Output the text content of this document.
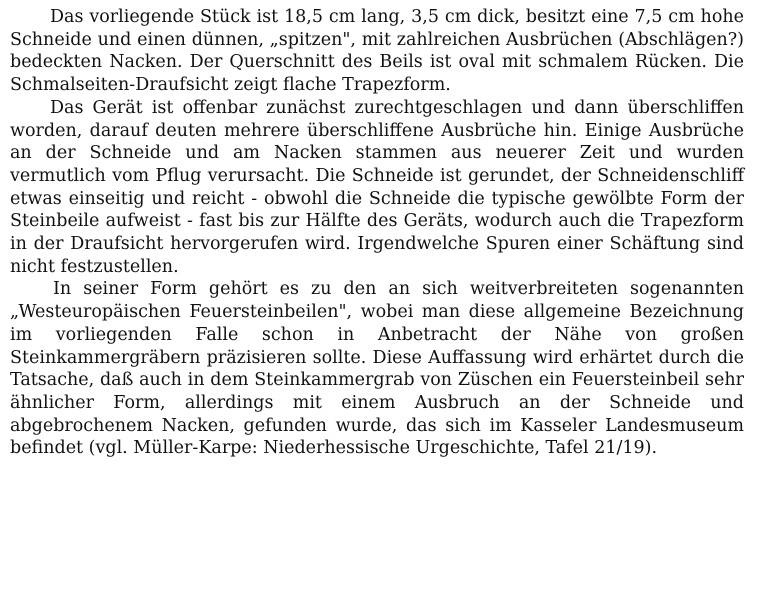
Das vorliegende Stück ist 18,5 cm lang, 3,5 cm dick, besitzt eine 7,5 cm hohe Schneide und einen dünnen, „spitzen", mit zahlreichen Ausbrüchen (Abschlägen?) bedeckten Nacken. Der Querschnitt des Beils ist oval mit schmalem Rücken. Die Schmalseiten-Draufsicht zeigt flache Trapezform.

Das Gerät ist offenbar zunächst zurechtgeschlagen und dann überschliffen worden, darauf deuten mehrere überschliffene Ausbrüche hin. Einige Ausbrüche an der Schneide und am Nacken stammen aus neuerer Zeit und wurden vermutlich vom Pflug verursacht. Die Schneide ist gerundet, der Schneidenschliff etwas einseitig und reicht - obwohl die Schneide die typische gewölbte Form der Steinbeile aufweist - fast bis zur Hälfte des Geräts, wodurch auch die Trapezform in der Draufsicht hervorgerufen wird. Irgendwelche Spuren einer Schäftung sind nicht festzustellen.

In seiner Form gehört es zu den an sich weitverbreiteten sogenannten „Westeuropäischen Feuersteinbeilen", wobei man diese allgemeine Bezeichnung im vorliegenden Falle schon in Anbetracht der Nähe von großen Steinkammergräbern präzisieren sollte. Diese Auffassung wird erhärtet durch die Tatsache, daß auch in dem Steinkammergrab von Züschen ein Feuersteinbeil sehr ähnlicher Form, allerdings mit einem Ausbruch an der Schneide und abgebrochenem Nacken, gefunden wurde, das sich im Kasseler Landesmuseum befindet (vgl. Müller-Karpe: Niederhessische Urgeschichte, Tafel 21/19).
